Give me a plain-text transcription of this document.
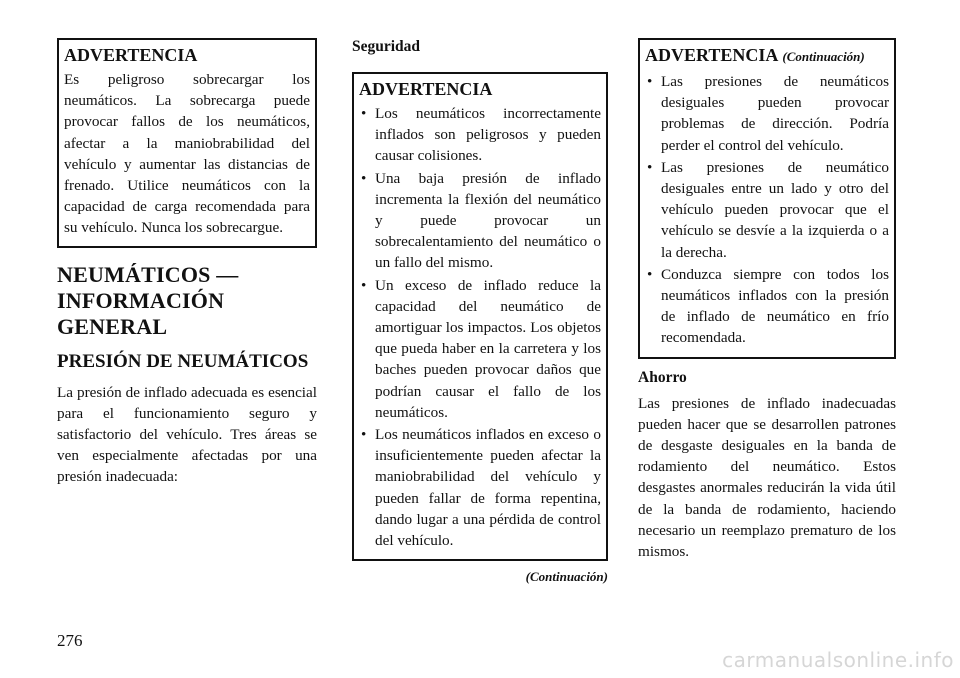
ADVERTENCIA

Es peligroso sobrecargar los neumáticos. La sobrecarga puede provocar fallos de los neumáticos, afectar a la maniobrabilidad del vehículo y aumentar las distancias de frenado. Utilice neumáticos con la capacidad de carga recomendada para su vehículo. Nunca los sobrecargue.

NEUMÁTICOS —
INFORMACIÓN
GENERAL
PRESIÓN DE NEUMÁTICOS

La presión de inflado adecuada es esencial para el funcionamiento seguro y satisfactorio del vehículo. Tres áreas se ven especialmente afectadas por una presión inadecuada:

Seguridad
ADVERTENCIA
• Los neumáticos incorrectamente inflados son peligrosos y pueden causar colisiones.
• Una baja presión de inflado incrementa la flexión del neumático y puede provocar un sobrecalentamiento del neumático o un fallo del mismo.
• Un exceso de inflado reduce la capacidad del neumático de amortiguar los impactos. Los objetos que pueda haber en la carretera y los baches pueden provocar daños que podrían causar el fallo de los neumáticos.
• Los neumáticos inflados en exceso o insuficientemente pueden afectar la maniobrabilidad del vehículo y pueden fallar de forma repentina, dando lugar a una pérdida de control del vehículo.
(Continuación)
ADVERTENCIA (Continuación)
• Las presiones de neumáticos desiguales pueden provocar problemas de dirección. Podría perder el control del vehículo.
• Las presiones de neumático desiguales entre un lado y otro del vehículo pueden provocar que el vehículo se desvíe a la izquierda o a la derecha.
• Conduzca siempre con todos los neumáticos inflados con la presión de inflado de neumático en frío recomendada.
Ahorro

Las presiones de inflado inadecuadas pueden hacer que se desarrollen patrones de desgaste desiguales en la banda de rodamiento del neumático. Estos desgastes anormales reducirán la vida útil de la banda de rodamiento, haciendo necesario un reemplazo prematuro de los mismos.

276
carmanualsonline.info
